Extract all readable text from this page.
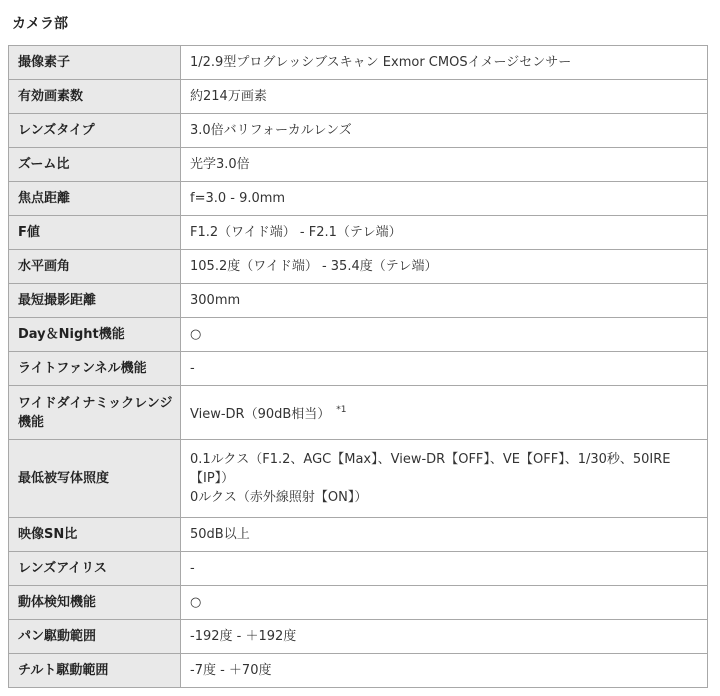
カメラ部
撮像素子	1/2.9型プログレッシブスキャン Exmor CMOSイメージセンサー
有効画素数	約214万画素
レンズタイプ	3.0倍バリフォーカルレンズ
ズーム比	光学3.0倍
焦点距離	f=3.0 - 9.0mm
F値	F1.2（ワイド端） - F2.1（テレ端）
水平画角	105.2度（ワイド端） - 35.4度（テレ端）
最短撮影距離	300mm
Day＆Night機能	○
ライトファンネル機能	-
ワイドダイナミックレンジ機能	View-DR（90dB相当） $^{*1}$
最低被写体照度	0.1ルクス（F1.2、AGC【Max】、View-DR【OFF】、VE【OFF】、1/30秒、50IRE【IP】）
0ルクス（赤外線照射【ON】）

映像SN比	50dB以上
レンズアイリス	-
動体検知機能	○
パン駆動範囲	-192度 - ＋192度
チルト駆動範囲	-7度 - ＋70度
